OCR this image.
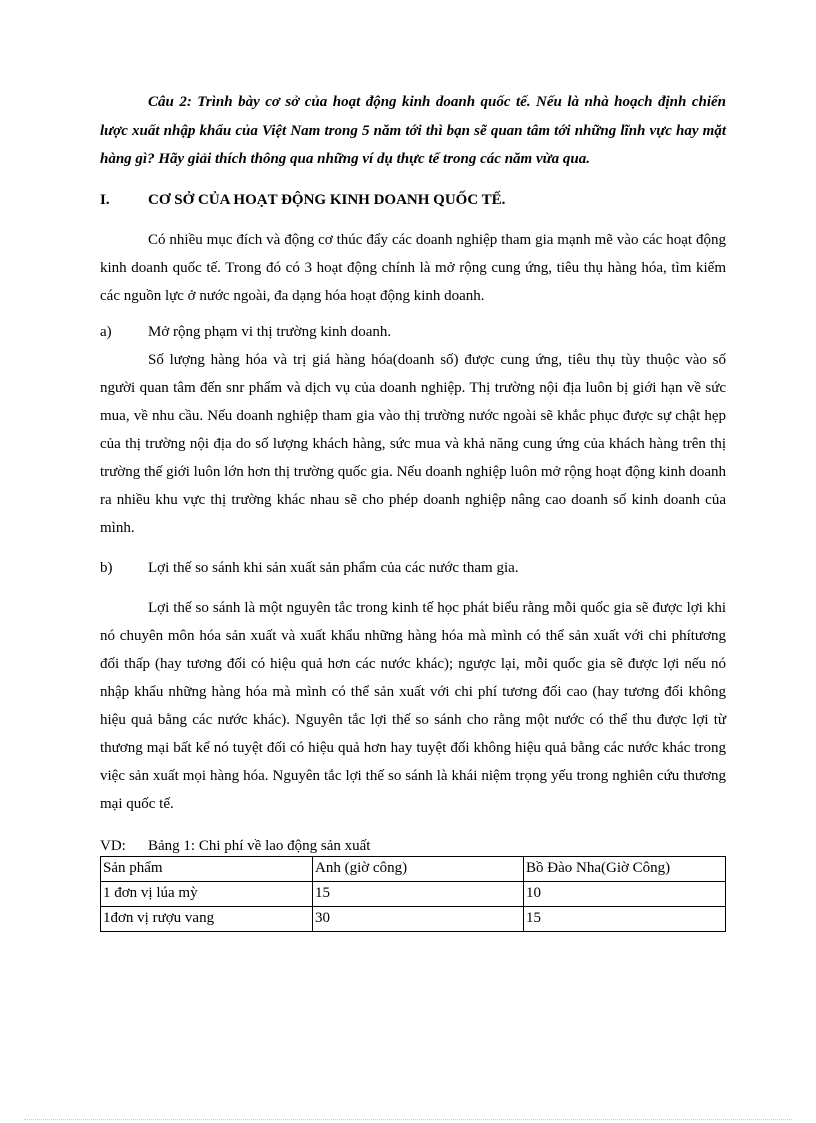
Câu 2: Trình bày cơ sở của hoạt động kinh doanh quốc tế. Nếu là nhà hoạch định chiến lược xuất nhập khẩu của Việt Nam trong 5 năm tới thì bạn sẽ quan tâm tới những lĩnh vực hay mặt hàng gì? Hãy giải thích thông qua những ví dụ thực tế trong các năm vừa qua.

I.	CƠ SỞ CỦA HOẠT ĐỘNG KINH DOANH QUỐC TẾ.

Có nhiều mục đích và động cơ thúc đẩy các doanh nghiệp tham gia mạnh mẽ vào các hoạt động kinh doanh quốc tế. Trong đó có 3 hoạt động chính là mở rộng cung ứng, tiêu thụ hàng hóa, tìm kiếm các nguồn lực ở nước ngoài, đa dạng hóa hoạt động kinh doanh.

a)	Mở rộng phạm vi thị trường kinh doanh.

Số lượng hàng hóa và trị giá hàng hóa(doanh số) được cung ứng, tiêu thụ tùy thuộc vào số người quan tâm đến snr phẩm và dịch vụ của doanh nghiệp. Thị trường nội địa luôn bị giới hạn về sức mua, về nhu cầu. Nếu doanh nghiệp tham gia vào thị trường nước ngoài sẽ khắc phục được sự chật hẹp của thị trường nội địa do số lượng khách hàng, sức mua và khả năng cung ứng của khách hàng trên thị trường thế giới luôn lớn hơn thị trường quốc gia. Nếu doanh nghiệp luôn mở rộng hoạt động kinh doanh ra nhiều khu vực thị trường khác nhau sẽ cho phép doanh nghiệp nâng cao doanh số kinh doanh của mình.

b)	Lợi thế so sánh khi sản xuất sản phẩm của các nước tham gia.

Lợi thế so sánh là một nguyên tắc trong kinh tế học phát biểu rằng mỗi quốc gia sẽ được lợi khi nó chuyên môn hóa sản xuất và xuất khẩu những hàng hóa mà mình có thể sản xuất với chi phítương đối thấp (hay tương đối có hiệu quả hơn các nước khác); ngược lại, mỗi quốc gia sẽ được lợi nếu nó nhập khẩu những hàng hóa mà mình có thể sản xuất với chi phí tương đối cao (hay tương đối không hiệu quả bằng các nước khác). Nguyên tắc lợi thế so sánh cho rằng một nước có thể thu được lợi từ thương mại bất kể nó tuyệt đối có hiệu quả hơn hay tuyệt đối không hiệu quả bằng các nước khác trong việc sản xuất mọi hàng hóa. Nguyên tắc lợi thế so sánh là khái niệm trọng yếu trong nghiên cứu thương mại quốc tế.

VD:	Bảng 1: Chi phí về lao động sản xuất
Sản phẩm	Anh (giờ công)	Bồ Đào Nha(Giờ Công)
1 đơn vị lúa mỳ	15	10
1đơn vị rượu vang	30	15
